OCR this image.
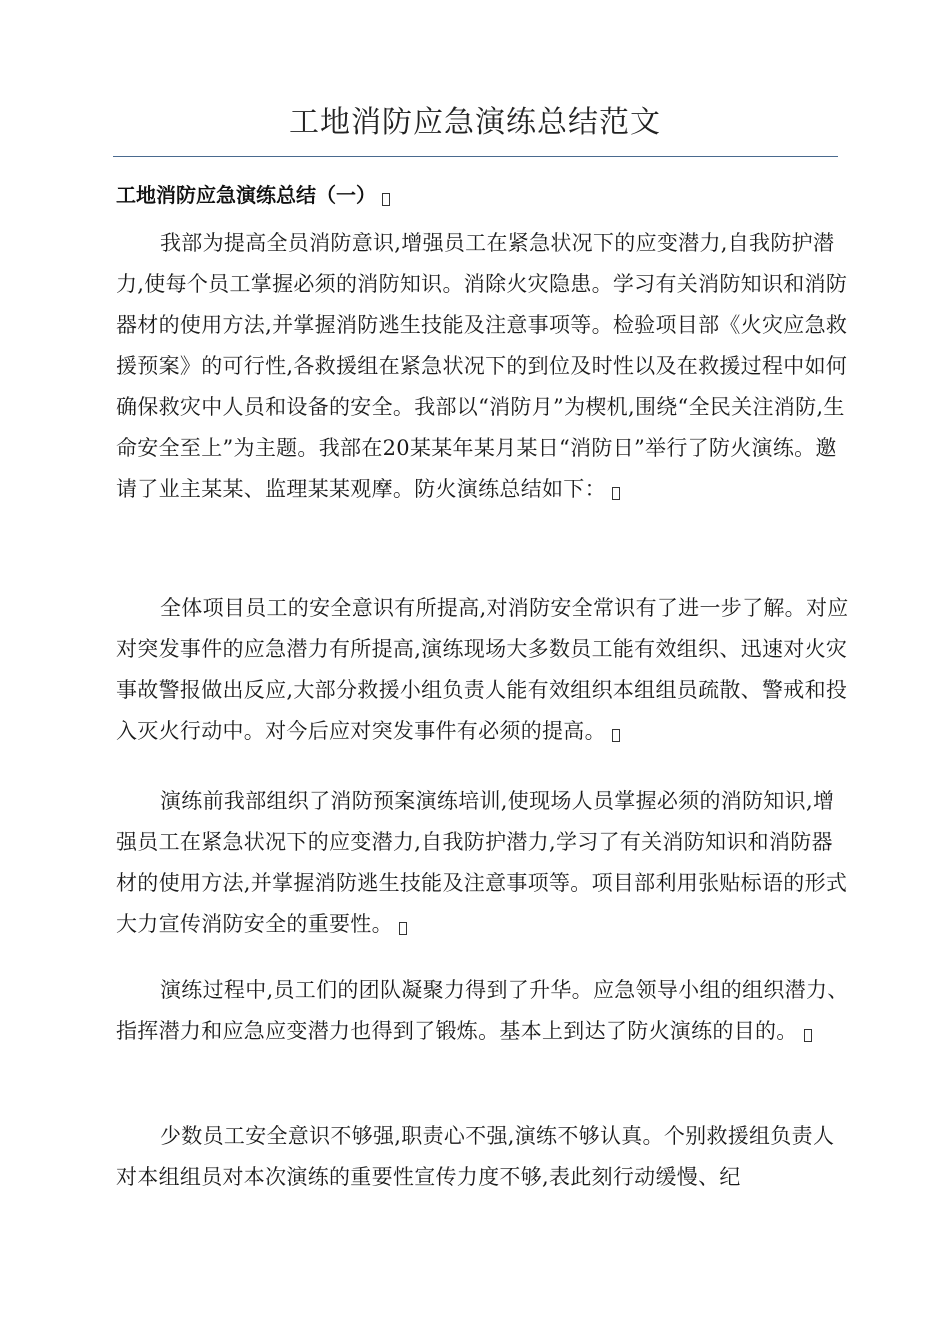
工地消防应急演练总结范文
工地消防应急演练总结（一）

我部为提高全员消防意识,增强员工在紧急状况下的应变潜力,自我防护潜力,使每个员工掌握必须的消防知识。消除火灾隐患。学习有关消防知识和消防器材的使用方法,并掌握消防逃生技能及注意事项等。检验项目部《火灾应急救援预案》的可行性,各救援组在紧急状况下的到位及时性以及在救援过程中如何确保救灾中人员和设备的安全。我部以“消防月”为楔机,围绕“全民关注消防,生命安全至上”为主题。我部在20某某年某月某日“消防日”举行了防火演练。邀请了业主某某、监理某某观摩。防火演练总结如下：

全体项目员工的安全意识有所提高,对消防安全常识有了进一步了解。对应对突发事件的应急潜力有所提高,演练现场大多数员工能有效组织、迅速对火灾事故警报做出反应,大部分救援小组负责人能有效组织本组组员疏散、警戒和投入灭火行动中。对今后应对突发事件有必须的提高。

演练前我部组织了消防预案演练培训,使现场人员掌握必须的消防知识,增强员工在紧急状况下的应变潜力,自我防护潜力,学习了有关消防知识和消防器材的使用方法,并掌握消防逃生技能及注意事项等。项目部利用张贴标语的形式大力宣传消防安全的重要性。

演练过程中,员工们的团队凝聚力得到了升华。应急领导小组的组织潜力、指挥潜力和应急应变潜力也得到了锻炼。基本上到达了防火演练的目的。

少数员工安全意识不够强,职责心不强,演练不够认真。个别救援组负责人对本组组员对本次演练的重要性宣传力度不够,表此刻行动缓慢、纪
